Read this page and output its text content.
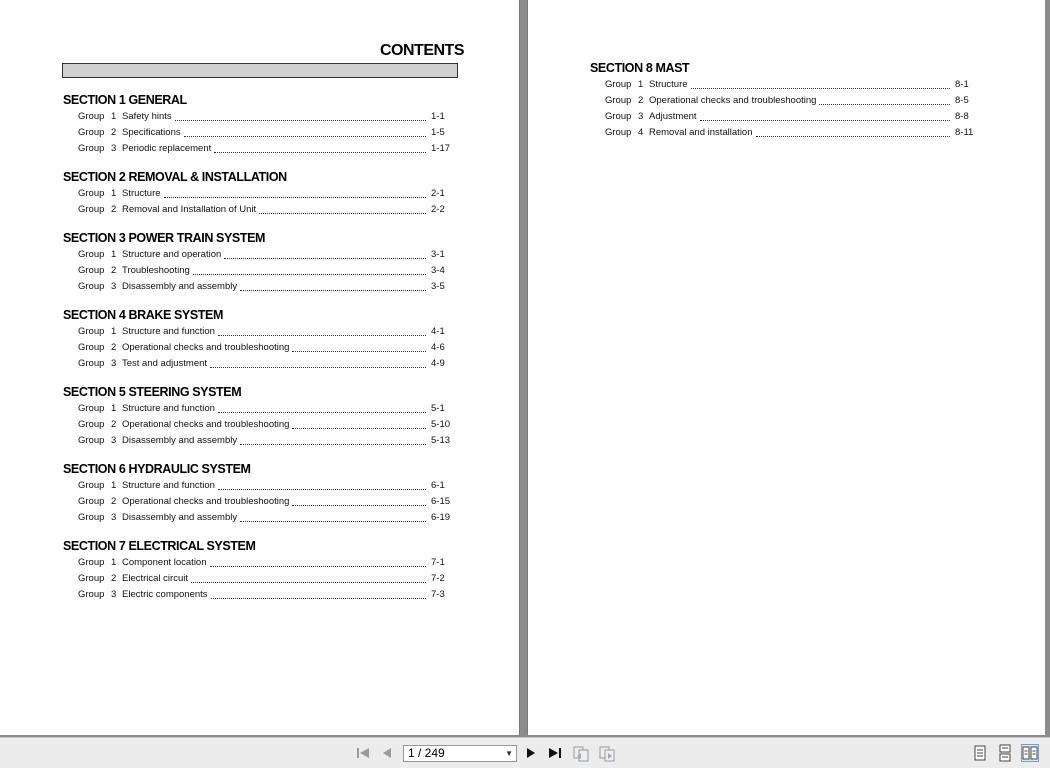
CONTENTS
SECTION 1 GENERAL
Group 1 Safety hints	1-1
Group 2 Specifications	1-5
Group 3 Periodic replacement	1-17
SECTION 2 REMOVAL & INSTALLATION
Group 1 Structure	2-1
Group 2 Removal and Installation of Unit	2-2
SECTION 3 POWER TRAIN SYSTEM
Group 1 Structure and operation	3-1
Group 2 Troubleshooting	3-4
Group 3 Disassembly and assembly	3-5
SECTION 4 BRAKE SYSTEM
Group 1 Structure and function	4-1
Group 2 Operational checks and troubleshooting	4-6
Group 3 Test and adjustment	4-9
SECTION 5 STEERING SYSTEM
Group 1 Structure and function	5-1
Group 2 Operational checks and troubleshooting	5-10
Group 3 Disassembly and assembly	5-13
SECTION 6 HYDRAULIC SYSTEM
Group 1 Structure and function	6-1
Group 2 Operational checks and troubleshooting	6-15
Group 3 Disassembly and assembly	6-19
SECTION 7 ELECTRICAL SYSTEM
Group 1 Component location	7-1
Group 2 Electrical circuit	7-2
Group 3 Electric components	7-3
SECTION 8 MAST
Group 1 Structure	8-1
Group 2 Operational checks and troubleshooting	8-5
Group 3 Adjustment	8-8
Group 4 Removal and installation	8-11
1 / 249	▼
